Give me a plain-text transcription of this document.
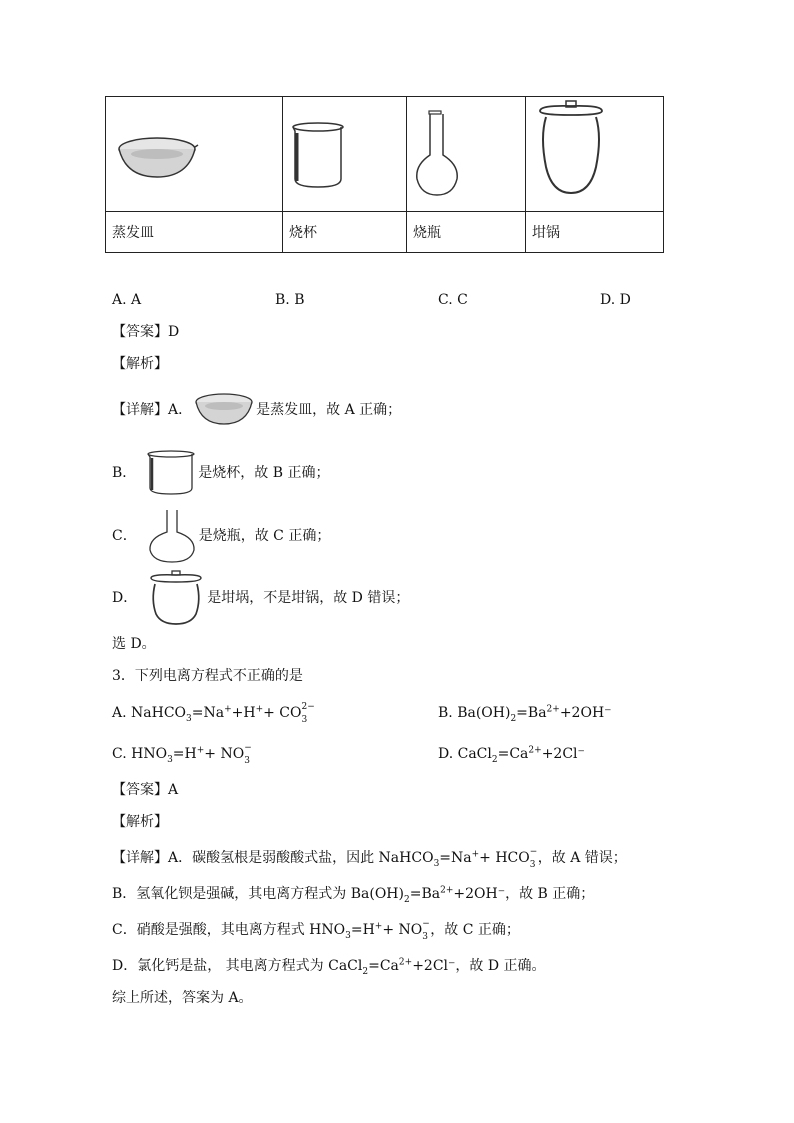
蒸发皿	烧杯	烧瓶	坩锅
A. A	B. B	C. C	D. D
【答案】D
【解析】
【详解】A．	是蒸发皿，故 A 正确；
B．	是烧杯，故 B 正确；
C．	是烧瓶，故 C 正确；
D．	是坩埚，不是坩锅，故 D 错误；
选 D。
3．下列电离方程式不正确的是
A. NaHCO$_3$=Na++H++ CO 2−
3	B. $Ba(OH)_2=Ba^{2+}+2OH^-$
C. $HNO_3=H^++$ NO −
3	D. $CaCl_2=Ca^{2+}+2Cl^-$
【答案】A
【解析】
【详解】A．碳酸氢根是弱酸酸式盐，因此 NaHCO$_3$=Na++ HCO −
3 ，故 A 错误；
B．氢氧化钡是强碱，其电离方程式为 $Ba(OH)_2=Ba^{2+}+2OH^-$，故 B 正确；
C．硝酸是强酸，其电离方程式 $HNO_3=H^++$ NO −
3 ，故 C 正确；
D．氯化钙是盐， 其电离方程式为 $CaCl_2=Ca^{2+}+2Cl^-$，故 D 正确。
综上所述，答案为 A。
